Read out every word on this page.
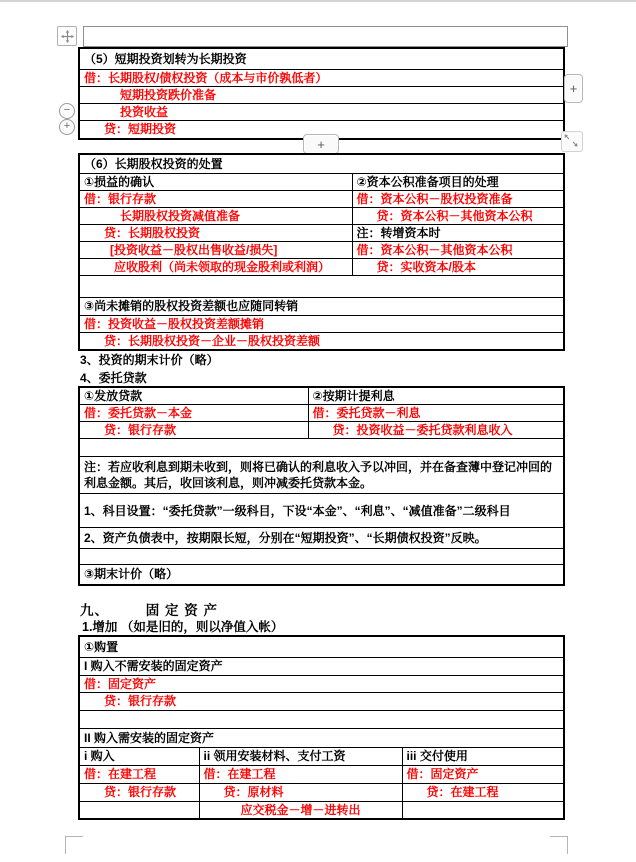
（5）短期投资划转为长期投资
借：长期股权/债权投资（成本与市价孰低者）
短期投资跌价准备
投资收益
贷：短期投资
−
+
+
+
（6）长期股权投资的处置	
①损益的确认	②资本公积准备项目的处理
借：银行存款	借：资本公积－股权投资准备
长期股权投资减值准备	贷：资本公积－其他资本公积
贷：长期股权投资	注：转增资本时
[投资收益－股权出售收益/损失]	借：资本公积－其他资本公积
应收股利（尚未领取的现金股利或利润）	贷：实收资本/股本

③尚未摊销的股权投资差额也应随同转销	
借：投资收益－股权投资差额摊销	
贷：长期股权投资－企业－股权投资差额	
3、投资的期末计价（略）
4、委托贷款
①发放贷款	②按期计提利息
借：委托贷款－本金	借：委托贷款－利息
贷：银行存款	贷：投资收益－委托贷款利息收入

注：若应收利息到期未收到，则将已确认的利息收入予以冲回，并在备查薄中登记冲回的利息金额。其后，收回该利息，则冲减委托贷款本金。	
1、科目设置：“委托贷款”一级科目，下设“本金”、“利息”、“减值准备”二级科目	
2、资产负债表中，按期限长短，分别在“短期投资”、“长期债权投资”反映。	

③期末计价（略）	
九、　　　固 定 资 产
1.增加 （如是旧的，则以净值入帐）
①购置		
I 购入不需安装的固定资产		
借：固定资产		
贷：银行存款		

II 购入需安装的固定资产		
i 购入	ii 领用安装材料、支付工资	iii 交付使用
借：在建工程	借：在建工程	借：固定资产
贷：银行存款	贷：原材料	贷：在建工程
	应交税金－增－进转出	
